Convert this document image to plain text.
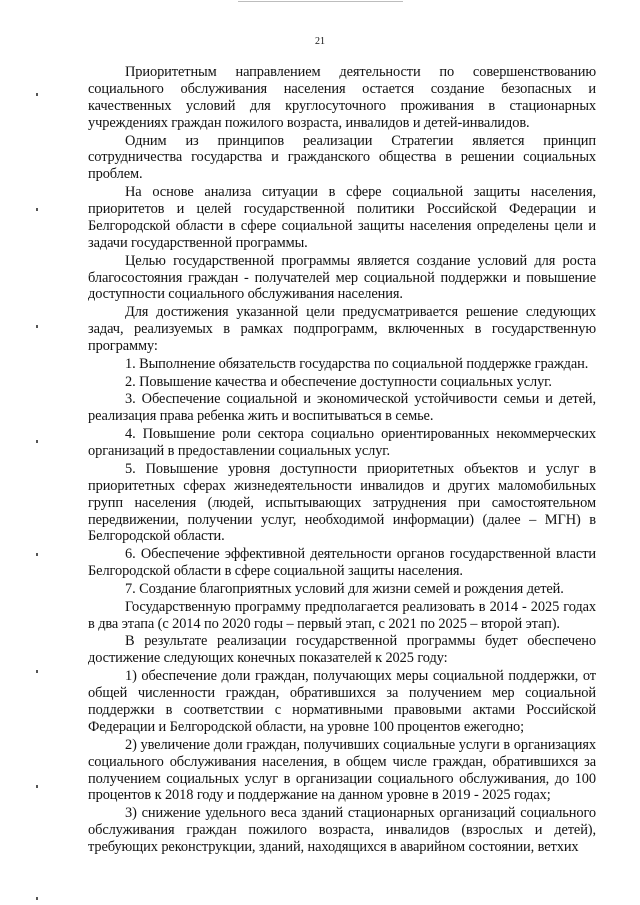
21

Приоритетным направлением деятельности по совершенствованию социального обслуживания населения остается создание безопасных и качественных условий для круглосуточного проживания в стационарных учреждениях граждан пожилого возраста, инвалидов и детей-инвалидов.

Одним из принципов реализации Стратегии является принцип сотрудничества государства и гражданского общества в решении социальных проблем.

На основе анализа ситуации в сфере социальной защиты населения, приоритетов и целей государственной политики Российской Федерации и Белгородской области в сфере социальной защиты населения определены цели и задачи государственной программы.

Целью государственной программы является создание условий для роста благосостояния граждан - получателей мер социальной поддержки и повышение доступности социального обслуживания населения.

Для достижения указанной цели предусматривается решение следующих задач, реализуемых в рамках подпрограмм, включенных в государственную программу:

1. Выполнение обязательств государства по социальной поддержке граждан.

2. Повышение качества и обеспечение доступности социальных услуг.

3. Обеспечение социальной и экономической устойчивости семьи и детей, реализация права ребенка жить и воспитываться в семье.

4. Повышение роли сектора социально ориентированных некоммерческих организаций в предоставлении социальных услуг.

5. Повышение уровня доступности приоритетных объектов и услуг в приоритетных сферах жизнедеятельности инвалидов и других маломобильных групп населения (людей, испытывающих затруднения при самостоятельном передвижении, получении услуг, необходимой информации) (далее – МГН) в Белгородской области.

6. Обеспечение эффективной деятельности органов государственной власти Белгородской области в сфере социальной защиты населения.

7. Создание благоприятных условий для жизни семей и рождения детей.

Государственную программу предполагается реализовать в 2014 - 2025 годах в два этапа (с 2014 по 2020 годы – первый этап, с 2021 по 2025 – второй этап).

В результате реализации государственной программы будет обеспечено достижение следующих конечных показателей к 2025 году:

1) обеспечение доли граждан, получающих меры социальной поддержки, от общей численности граждан, обратившихся за получением мер социальной поддержки в соответствии с нормативными правовыми актами Российской Федерации и Белгородской области, на уровне 100 процентов ежегодно;

2) увеличение доли граждан, получивших социальные услуги в организациях социального обслуживания населения, в общем числе граждан, обратившихся за получением социальных услуг в организации социального обслуживания, до 100 процентов к 2018 году и поддержание на данном уровне в 2019 - 2025 годах;

3) снижение удельного веса зданий стационарных организаций социального обслуживания граждан пожилого возраста, инвалидов (взрослых и детей), требующих реконструкции, зданий, находящихся в аварийном состоянии, ветхих
